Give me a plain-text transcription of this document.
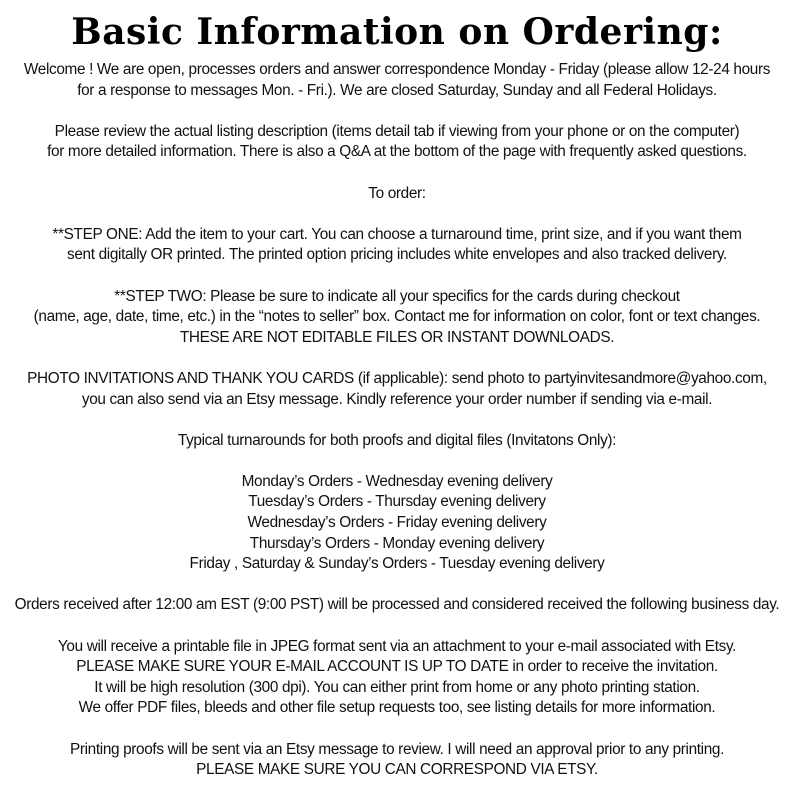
Basic Information on Ordering:
Welcome ! We are open, processes orders and answer correspondence Monday - Friday (please allow 12-24 hours
for a response to messages Mon. - Fri.). We are closed Saturday, Sunday and all Federal Holidays.
Please review the actual listing description (items detail tab if viewing from your phone or on the computer)
for more detailed information. There is also a Q&A at the bottom of the page with frequently asked questions.
To order:
**STEP ONE: Add the item to your cart. You can choose a turnaround time, print size, and if you want them
sent digitally OR printed. The printed option pricing includes white envelopes and also tracked delivery.
**STEP TWO: Please be sure to indicate all your specifics for the cards during checkout
(name, age, date, time, etc.) in the “notes to seller” box. Contact me for information on color, font or text changes.
THESE ARE NOT EDITABLE FILES OR INSTANT DOWNLOADS.
PHOTO INVITATIONS AND THANK YOU CARDS (if applicable): send photo to partyinvitesandmore@yahoo.com,
you can also send via an Etsy message. Kindly reference your order number if sending via e-mail.
Typical turnarounds for both proofs and digital files (Invitatons Only):
Monday’s Orders - Wednesday evening delivery
Tuesday’s Orders - Thursday evening delivery
Wednesday’s Orders - Friday evening delivery
Thursday’s Orders - Monday evening delivery
Friday , Saturday & Sunday’s Orders - Tuesday evening delivery
Orders received after 12:00 am EST (9:00 PST) will be processed and considered received the following business day.
You will receive a printable file in JPEG format sent via an attachment to your e-mail associated with Etsy.
PLEASE MAKE SURE YOUR E-MAIL ACCOUNT IS UP TO DATE in order to receive the invitation.
It will be high resolution (300 dpi). You can either print from home or any photo printing station.
We offer PDF files, bleeds and other file setup requests too, see listing details for more information.
Printing proofs will be sent via an Etsy message to review. I will need an approval prior to any printing.
PLEASE MAKE SURE YOU CAN CORRESPOND VIA ETSY.
